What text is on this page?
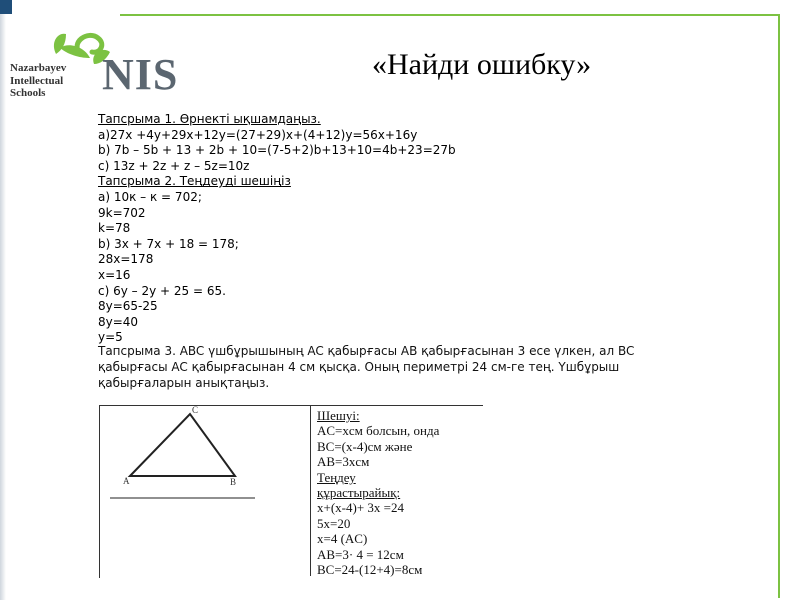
Nazarbayev
Intellectual
Schools	NIS	«Найди ошибку»
Тапсрыма 1. Өрнекті ықшамдаңыз.
a)27x +4y+29x+12y=(27+29)x+(4+12)y=56x+16y
b) 7b – 5b + 13 + 2b + 10=(7-5+2)b+13+10=4b+23=27b
c) 13z + 2z + z – 5z=10z
Тапсрыма 2. Теңдеуді шешіңіз
a) 10к – к = 702;
9k=702
k=78
b) 3x + 7x + 18 = 178;
28x=178
x=16
c) 6y – 2y + 25 = 65.
8y=65-25
8y=40
y=5
Тапсрыма 3. ABC үшбұрышының AC қабырғасы AB қабырғасынан 3 есе үлкен, ал BC
қабырғасы AC қабырғасынан 4 см қысқа. Оның периметрі 24 см-ге тең. Үшбұрыш
қабырғаларын анықтаңыз.
A	B
C	Шешуі:
AC=xсм болсын, онда
BC=(x-4)см және
AB=3xсм
Теңдеу
құрастырайық:
x+(x-4)+ 3x =24
5x=20
x=4 (AC)
AB=3· 4 = 12см
BC=24-(12+4)=8см
